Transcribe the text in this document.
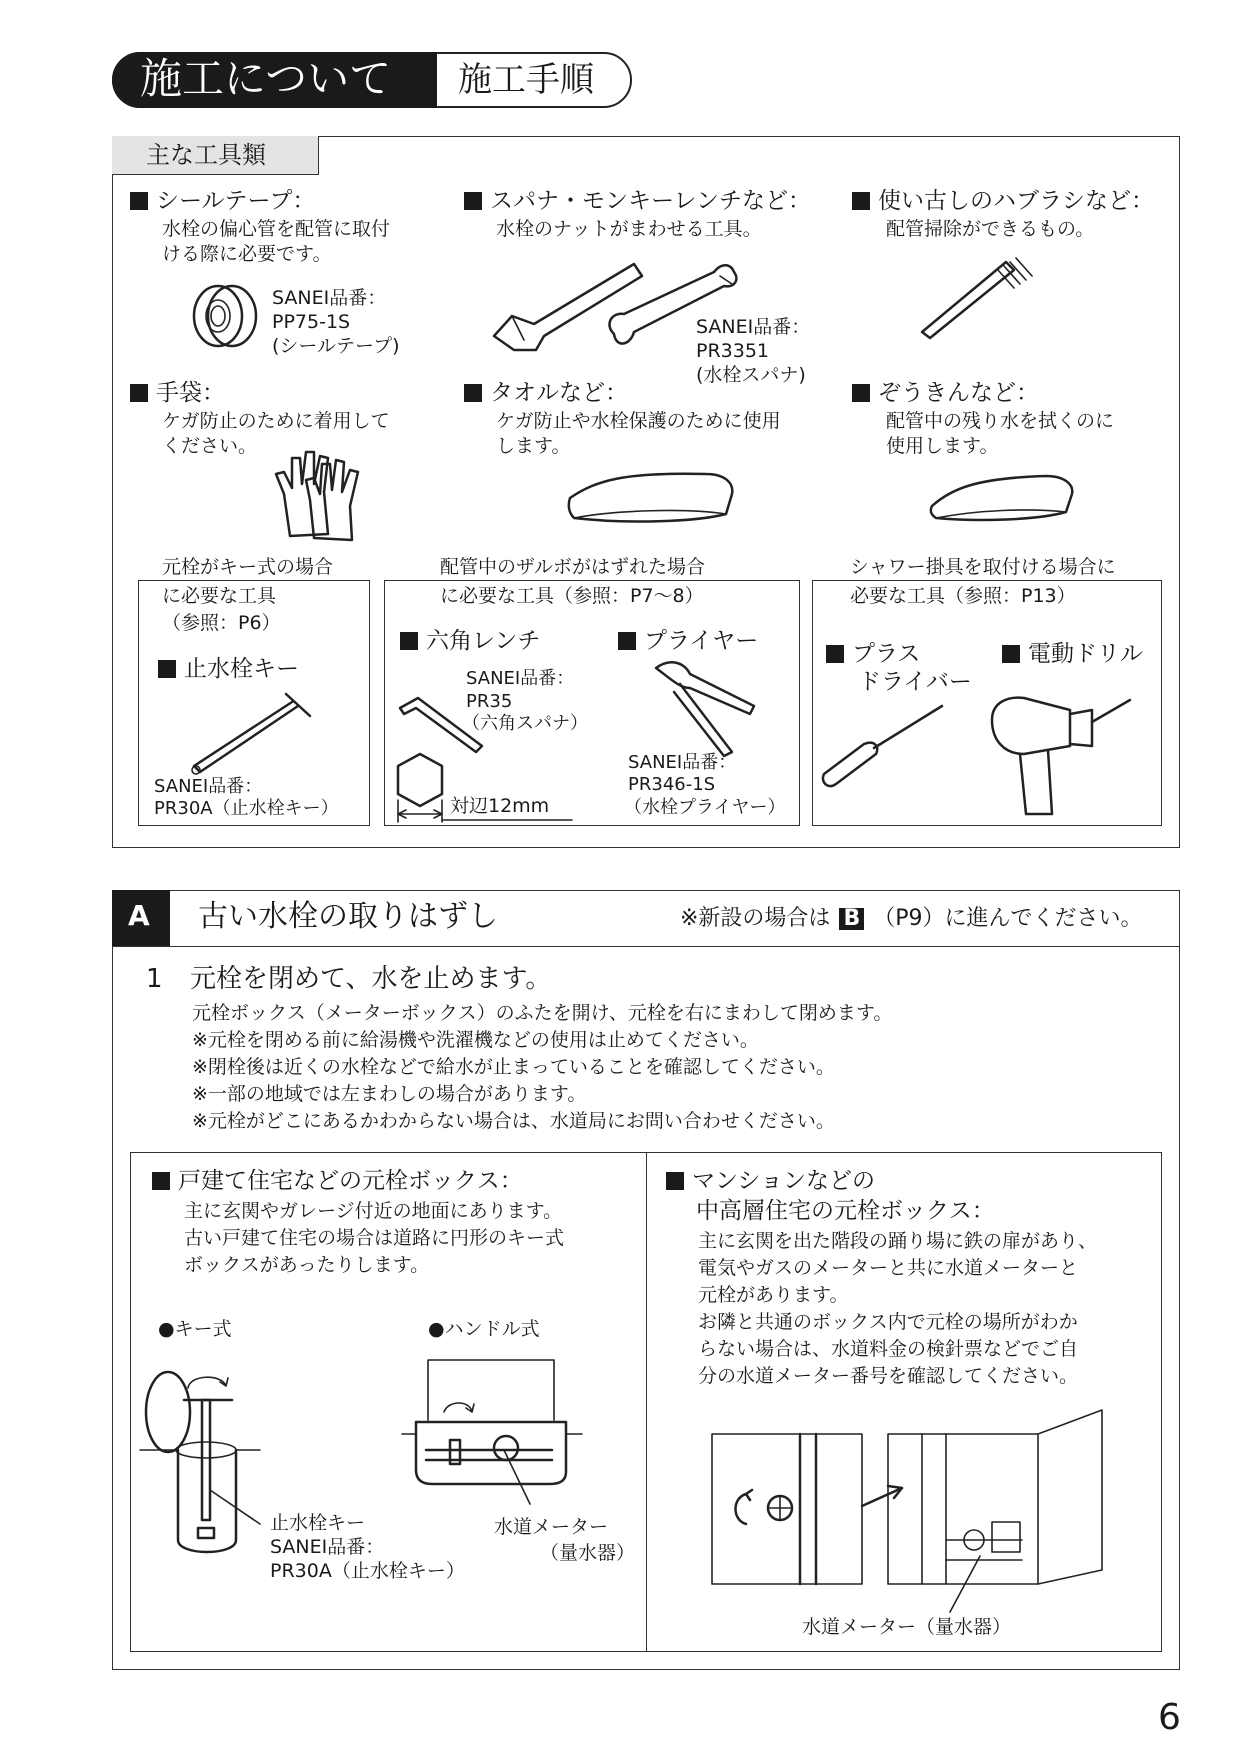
施工について 施工手順
主な工具類
シールテープ：
水栓の偏心管を配管に取付
ける際に必要です。
SANEI品番：
PP75-1S
(シールテープ)
スパナ・モンキーレンチなど：
水栓のナットがまわせる工具。
SANEI品番：
PR3351
(水栓スパナ)
使い古しのハブラシなど：
配管掃除ができるもの。
手袋：
ケガ防止のために着用して
ください。
タオルなど：
ケガ防止や水栓保護のために使用
します。
ぞうきんなど：
配管中の残り水を拭くのに
使用します。
元栓がキー式の場合
に必要な工具
（参照：P6）
止水栓キー
SANEI品番：
PR30A（止水栓キー）
配管中のザルボがはずれた場合
に必要な工具（参照：P7～8）
六角レンチ
SANEI品番：
PR35
（六角スパナ）
対辺12mm
プライヤー
SANEI品番：
PR346-1S
（水栓プライヤー）
シャワー掛具を取付ける場合に
必要な工具（参照：P13）
プラス
ドライバー
電動ドリル
A 古い水栓の取りはずし	※新設の場合は B （P9）に進んでください。
1 元栓を閉めて、水を止めます。
元栓ボックス（メーターボックス）のふたを開け、元栓を右にまわして閉めます。
※元栓を閉める前に給湯機や洗濯機などの使用は止めてください。
※閉栓後は近くの水栓などで給水が止まっていることを確認してください。
※一部の地域では左まわしの場合があります。
※元栓がどこにあるかわからない場合は、水道局にお問い合わせください。
戸建て住宅などの元栓ボックス：
主に玄関やガレージ付近の地面にあります。
古い戸建て住宅の場合は道路に円形のキー式
ボックスがあったりします。
●キー式	●ハンドル式
止水栓キー
SANEI品番：
PR30A（止水栓キー）
水道メーター
（量水器）
マンションなどの
中高層住宅の元栓ボックス：
主に玄関を出た階段の踊り場に鉄の扉があり、
電気やガスのメーターと共に水道メーターと
元栓があります。
お隣と共通のボックス内で元栓の場所がわか
らない場合は、水道料金の検針票などでご自
分の水道メーター番号を確認してください。
水道メーター（量水器）
6
